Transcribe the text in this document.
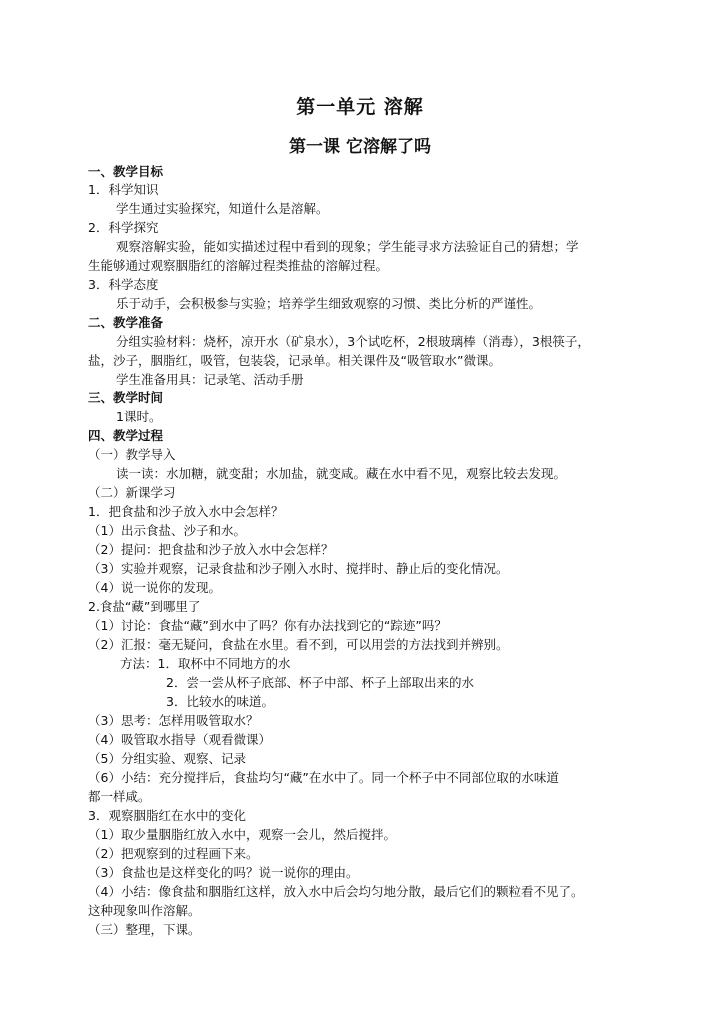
第一单元 溶解
第一课 它溶解了吗
一、教学目标
1．科学知识
学生通过实验探究，知道什么是溶解。
2．科学探究
观察溶解实验，能如实描述过程中看到的现象；学生能寻求方法验证自己的猜想；学
生能够通过观察胭脂红的溶解过程类推盐的溶解过程。
3．科学态度
乐于动手，会积极参与实验；培养学生细致观察的习惯、类比分析的严谨性。
二、教学准备
分组实验材料：烧杯，凉开水（矿泉水），3个试吃杯，2根玻璃棒（消毒），3根筷子，
盐，沙子，胭脂红，吸管，包装袋，记录单。相关课件及“吸管取水”微课。
学生准备用具：记录笔、活动手册
三、教学时间
1课时。
四、教学过程
（一）教学导入
读一读：水加糖，就变甜；水加盐，就变咸。藏在水中看不见，观察比较去发现。
（二）新课学习
1．把食盐和沙子放入水中会怎样？
（1）出示食盐、沙子和水。
（2）提问：把食盐和沙子放入水中会怎样？
（3）实验并观察，记录食盐和沙子刚入水时、搅拌时、静止后的变化情况。
（4）说一说你的发现。
2.食盐“藏”到哪里了
（1）讨论：食盐“藏”到水中了吗？你有办法找到它的“踪迹”吗？
（2）汇报：毫无疑问，食盐在水里。看不到，可以用尝的方法找到并辨别。
方法：1．取杯中不同地方的水
2．尝一尝从杯子底部、杯子中部、杯子上部取出来的水
3．比较水的味道。
（3）思考：怎样用吸管取水？
（4）吸管取水指导（观看微课）
（5）分组实验、观察、记录
（6）小结：充分搅拌后，食盐均匀“藏”在水中了。同一个杯子中不同部位取的水味道
都一样咸。
3．观察胭脂红在水中的变化
（1）取少量胭脂红放入水中，观察一会儿，然后搅拌。
（2）把观察到的过程画下来。
（3）食盐也是这样变化的吗？说一说你的理由。
（4）小结：像食盐和胭脂红这样，放入水中后会均匀地分散，最后它们的颗粒看不见了。
这种现象叫作溶解。
（三）整理，下课。
